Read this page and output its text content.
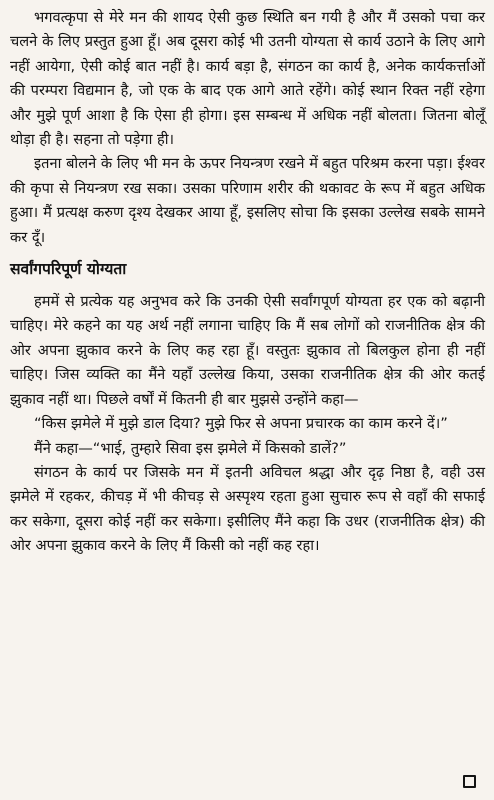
भगवत्कृपा से मेरे मन की शायद ऐसी कुछ स्थिति बन गयी है और मैं उसको पचा कर चलने के लिए प्रस्तुत हुआ हूँ। अब दूसरा कोई भी उतनी योग्यता से कार्य उठाने के लिए आगे नहीं आयेगा, ऐसी कोई बात नहीं है। कार्य बड़ा है, संगठन का कार्य है, अनेक कार्यकर्त्ताओं की परम्परा विद्यमान है, जो एक के बाद एक आगे आते रहेंगे। कोई स्थान रिक्त नहीं रहेगा और मुझे पूर्ण आशा है कि ऐसा ही होगा। इस सम्बन्ध में अधिक नहीं बोलता। जितना बोलूँ थोड़ा ही है। सहना तो पड़ेगा ही।

इतना बोलने के लिए भी मन के ऊपर नियन्त्रण रखने में बहुत परिश्रम करना पड़ा। ईश्वर की कृपा से नियन्त्रण रख सका। उसका परिणाम शरीर की थकावट के रूप में बहुत अधिक हुआ। मैं प्रत्यक्ष करुण दृश्य देखकर आया हूँ, इसलिए सोचा कि इसका उल्लेख सबके सामने कर दूँ।

सर्वांगपरिपूर्ण योग्यता

हममें से प्रत्येक यह अनुभव करे कि उनकी ऐसी सर्वांगपूर्ण योग्यता हर एक को बढ़ानी चाहिए। मेरे कहने का यह अर्थ नहीं लगाना चाहिए कि मैं सब लोगों को राजनीतिक क्षेत्र की ओर अपना झुकाव करने के लिए कह रहा हूँ। वस्तुतः झुकाव तो बिलकुल होना ही नहीं चाहिए। जिस व्यक्ति का मैंने यहाँ उल्लेख किया, उसका राजनीतिक क्षेत्र की ओर कतई झुकाव नहीं था। पिछले वर्षों में कितनी ही बार मुझसे उन्होंने कहा—

“किस झमेले में मुझे डाल दिया? मुझे फिर से अपना प्रचारक का काम करने दें।”

मैंने कहा—“भाई, तुम्हारे सिवा इस झमेले में किसको डालें?”

संगठन के कार्य पर जिसके मन में इतनी अविचल श्रद्धा और दृढ़ निष्ठा है, वही उस झमेले में रहकर, कीचड़ में भी कीचड़ से अस्पृश्य रहता हुआ सुचारु रूप से वहाँ की सफाई कर सकेगा, दूसरा कोई नहीं कर सकेगा। इसीलिए मैंने कहा कि उधर (राजनीतिक क्षेत्र) की ओर अपना झुकाव करने के लिए मैं किसी को नहीं कह रहा।
